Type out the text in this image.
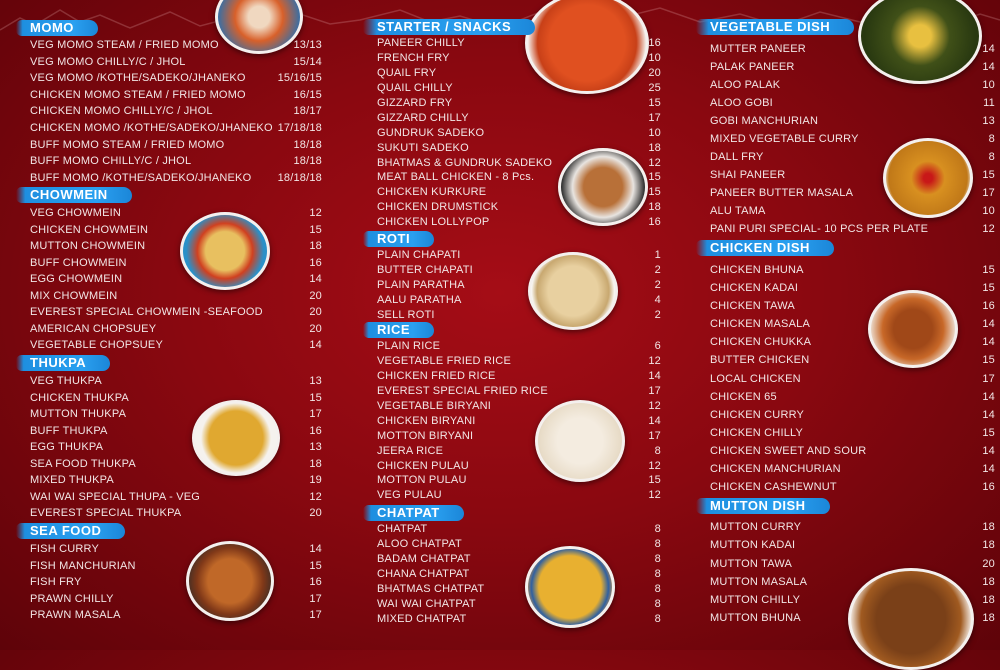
MOMO
VEG MOMO STEAM / FRIED MOMO	13/13
VEG MOMO CHILLY/C / JHOL	15/14
VEG MOMO /KOTHE/SADEKO/JHANEKO	15/16/15
CHICKEN MOMO STEAM / FRIED MOMO	16/15
CHICKEN MOMO CHILLY/C / JHOL	18/17
CHICKEN MOMO /KOTHE/SADEKO/JHANEKO 17/18/18
BUFF MOMO STEAM / FRIED MOMO	18/18
BUFF MOMO CHILLY/C / JHOL	18/18
BUFF MOMO /KOTHE/SADEKO/JHANEKO 18/18/18
CHOWMEIN
VEG CHOWMEIN	12
CHICKEN CHOWMEIN	15
MUTTON CHOWMEIN	18
BUFF CHOWMEIN	16
EGG CHOWMEIN	14
MIX CHOWMEIN	20
EVEREST SPECIAL CHOWMEIN -SEAFOOD	20
AMERICAN CHOPSUEY	20
VEGETABLE CHOPSUEY	14
THUKPA
VEG THUKPA	13
CHICKEN THUKPA	15
MUTTON THUKPA	17
BUFF THUKPA	16
EGG THUKPA	13
SEA FOOD THUKPA	18
MIXED THUKPA	19
WAI WAI SPECIAL THUPA - VEG	12
EVEREST SPECIAL THUKPA	20
SEA FOOD
FISH CURRY	14
FISH MANCHURIAN	15
FISH FRY	16
PRAWN CHILLY	17
PRAWN MASALA	17
STARTER / SNACKS
PANEER CHILLY	16
FRENCH FRY	10
QUAIL FRY	20
QUAIL CHILLY	25
GIZZARD FRY	15
GIZZARD CHILLY	17
GUNDRUK SADEKO	10
SUKUTI SADEKO	18
BHATMAS & GUNDRUK SADEKO	12
MEAT BALL CHICKEN - 8 Pcs.	15
CHICKEN KURKURE	15
CHICKEN DRUMSTICK	18
CHICKEN LOLLYPOP	16
ROTI
PLAIN CHAPATI	1
BUTTER CHAPATI	2
PLAIN PARATHA	2
AALU PARATHA	4
SELL ROTI	2
RICE
PLAIN RICE	6
VEGETABLE FRIED RICE	12
CHICKEN FRIED RICE	14
EVEREST SPECIAL FRIED RICE	17
VEGETABLE BIRYANI	12
CHICKEN BIRYANI	14
MOTTON BIRYANI	17
JEERA RICE	8
CHICKEN PULAU	12
MOTTON PULAU	15
VEG PULAU	12
CHATPAT
CHATPAT	8
ALOO CHATPAT	8
BADAM CHATPAT	8
CHANA CHATPAT	8
BHATMAS CHATPAT	8
WAI WAI CHATPAT	8
MIXED CHATPAT	8
VEGETABLE DISH
MUTTER PANEER	14
PALAK PANEER	14
ALOO PALAK	10
ALOO GOBI	11
GOBI MANCHURIAN	13
MIXED VEGETABLE CURRY	8
DALL FRY	8
SHAI PANEER	15
PANEER BUTTER MASALA	17
ALU TAMA	10
PANI PURI SPECIAL- 10 PCS PER PLATE	12
CHICKEN DISH
CHICKEN BHUNA	15
CHICKEN KADAI	15
CHICKEN TAWA	16
CHICKEN MASALA	14
CHICKEN CHUKKA	14
BUTTER CHICKEN	15
LOCAL CHICKEN	17
CHICKEN 65	14
CHICKEN CURRY	14
CHICKEN CHILLY	15
CHICKEN SWEET AND SOUR	14
CHICKEN MANCHURIAN	14
CHICKEN CASHEWNUT	16
MUTTON DISH
MUTTON CURRY	18
MUTTON KADAI	18
MUTTON TAWA	20
MUTTON MASALA	18
MUTTON CHILLY	18
MUTTON BHUNA	18
